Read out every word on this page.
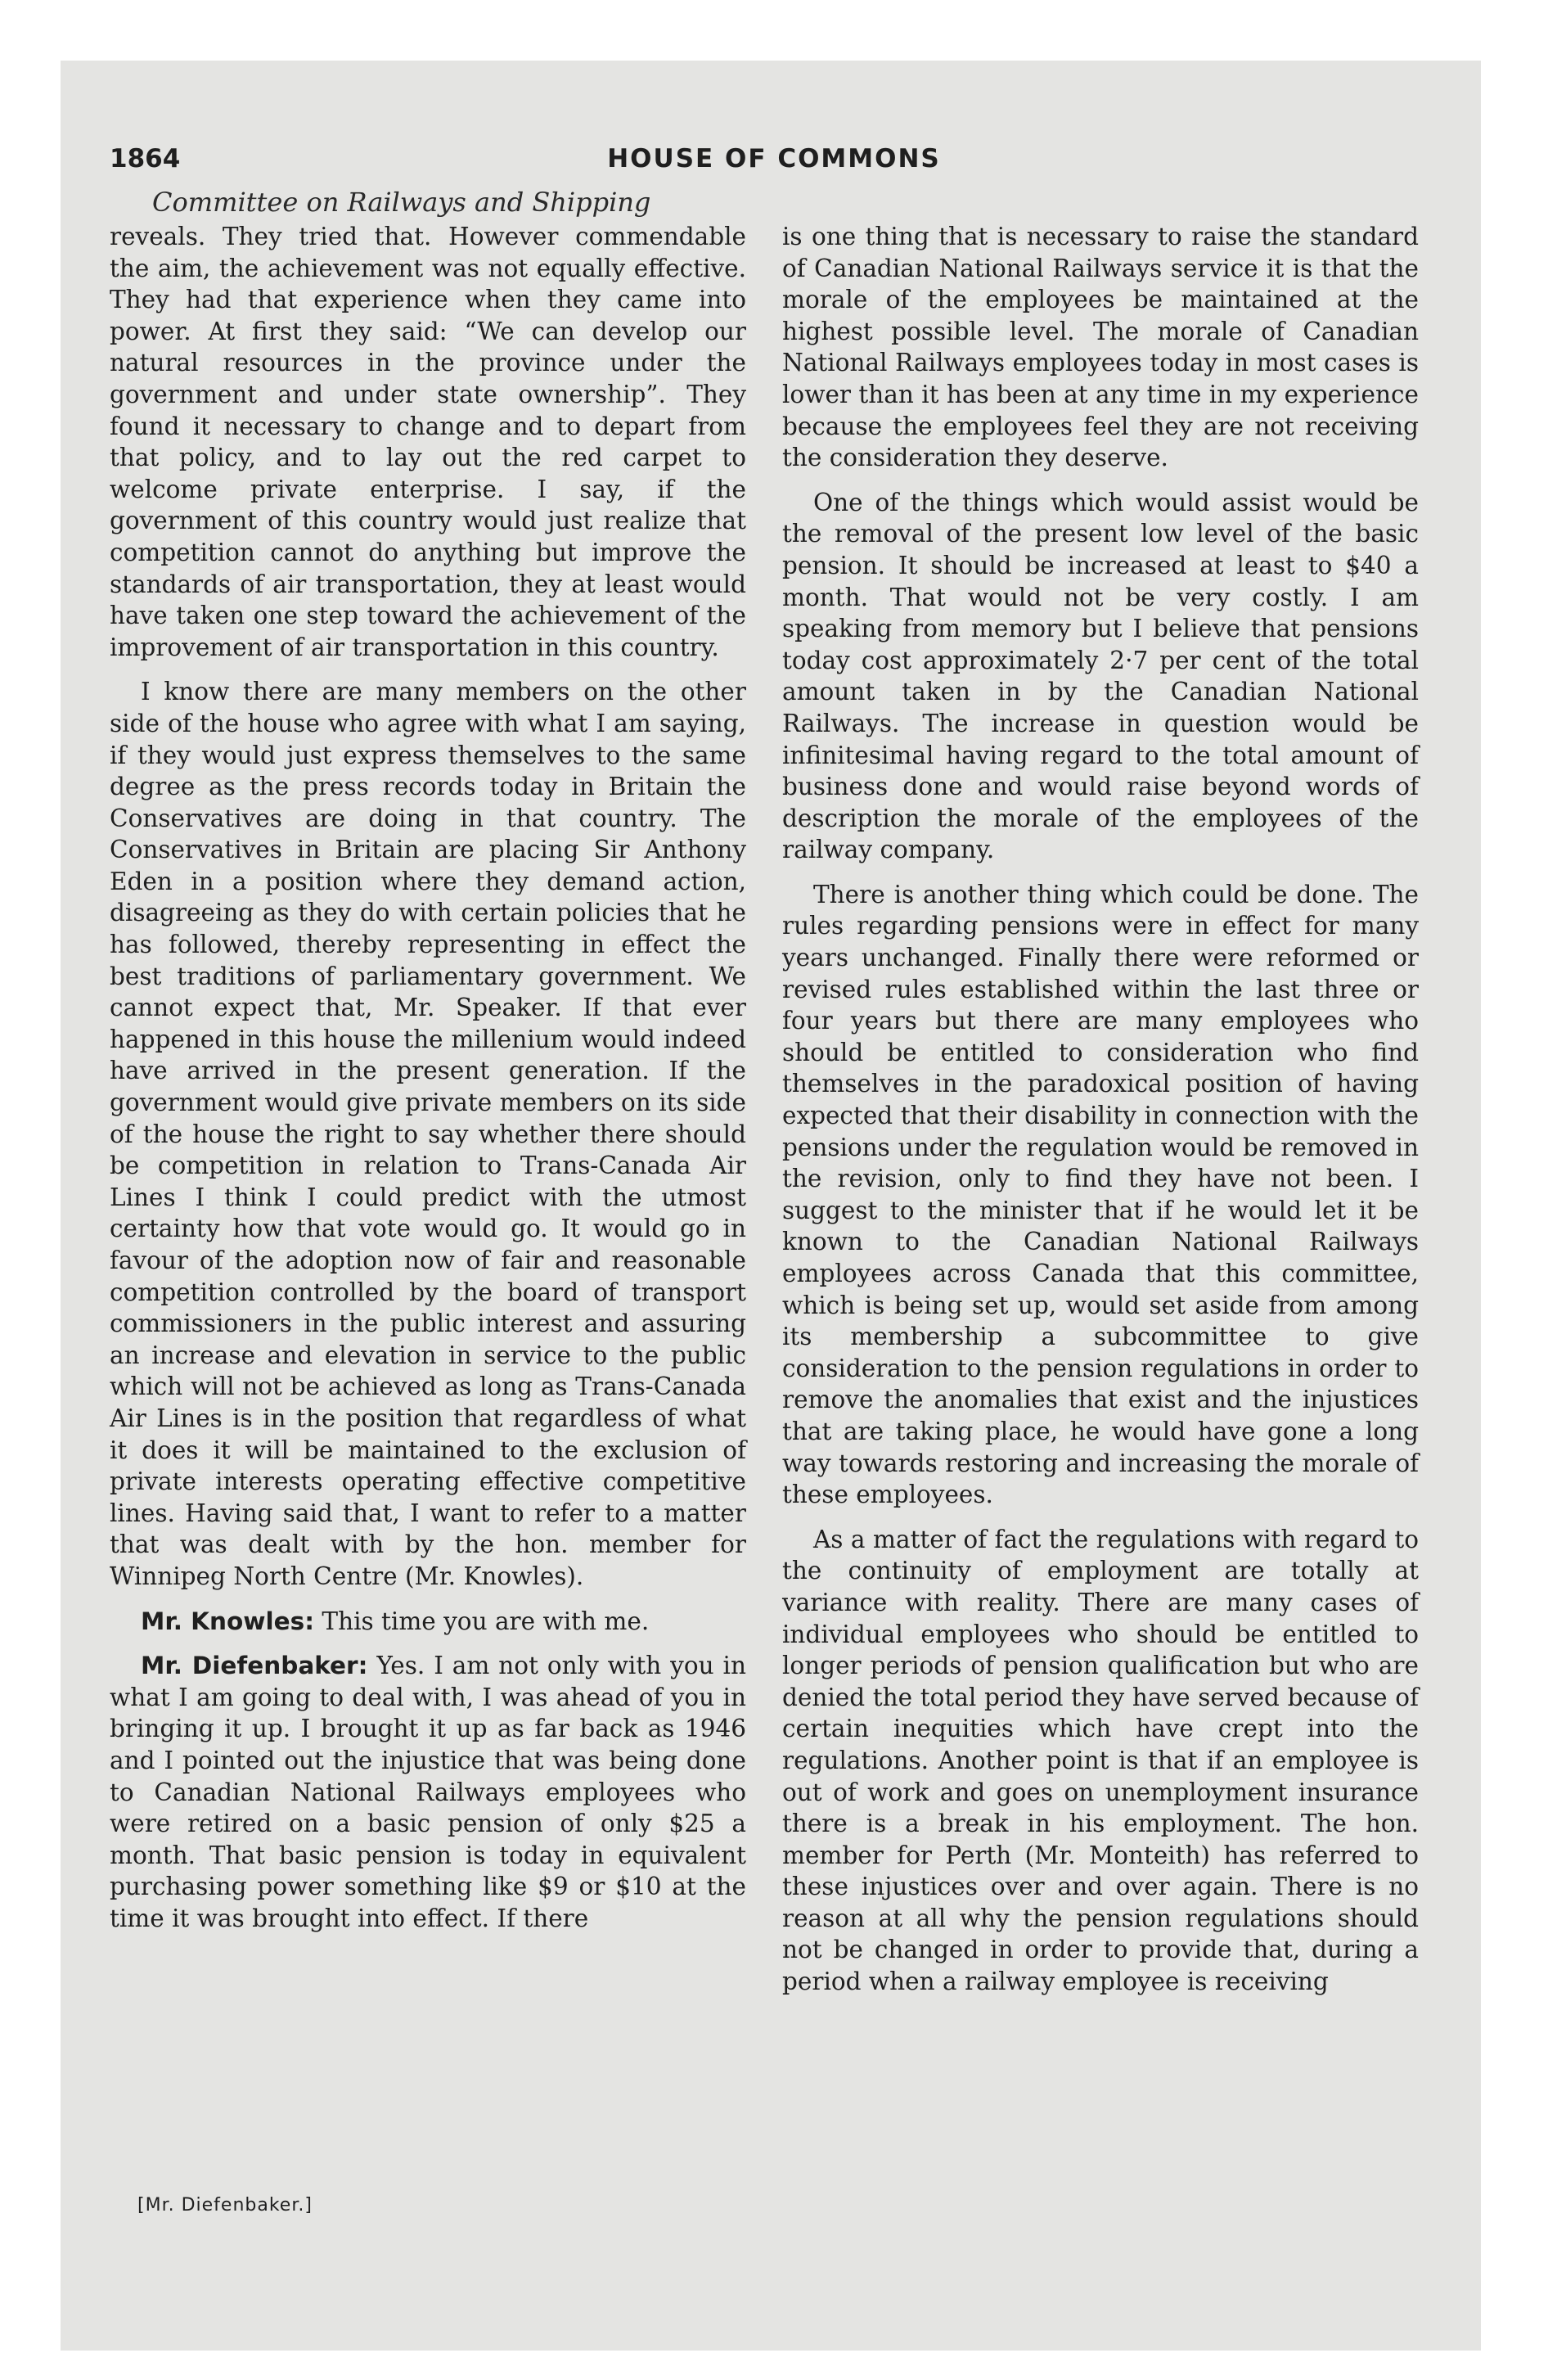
1864	HOUSE OF COMMONS
Committee on Railways and Shipping

reveals. They tried that. However commendable the aim, the achievement was not equally effective. They had that experience when they came into power. At first they said: “We can develop our natural resources in the province under the government and under state ownership”. They found it necessary to change and to depart from that policy, and to lay out the red carpet to welcome private enterprise. I say, if the government of this country would just realize that competition cannot do anything but improve the standards of air transportation, they at least would have taken one step toward the achievement of the improvement of air transportation in this country.

I know there are many members on the other side of the house who agree with what I am saying, if they would just express themselves to the same degree as the press records today in Britain the Conservatives are doing in that country. The Conservatives in Britain are placing Sir Anthony Eden in a position where they demand action, disagreeing as they do with certain policies that he has followed, thereby representing in effect the best traditions of parliamentary government. We cannot expect that, Mr. Speaker. If that ever happened in this house the millenium would indeed have arrived in the present generation. If the government would give private members on its side of the house the right to say whether there should be competition in relation to Trans-Canada Air Lines I think I could predict with the utmost certainty how that vote would go. It would go in favour of the adoption now of fair and reasonable competition controlled by the board of transport commissioners in the public interest and assuring an increase and elevation in service to the public which will not be achieved as long as Trans-Canada Air Lines is in the position that regardless of what it does it will be maintained to the exclusion of private interests operating effective competitive lines. Having said that, I want to refer to a matter that was dealt with by the hon. member for Winnipeg North Centre (Mr. Knowles).

Mr. Knowles: This time you are with me.

Mr. Diefenbaker: Yes. I am not only with you in what I am going to deal with, I was ahead of you in bringing it up. I brought it up as far back as 1946 and I pointed out the injustice that was being done to Canadian National Railways employees who were retired on a basic pension of only $25 a month. That basic pension is today in equivalent purchasing power something like $9 or $10 at the time it was brought into effect. If there

is one thing that is necessary to raise the standard of Canadian National Railways service it is that the morale of the employees be maintained at the highest possible level. The morale of Canadian National Railways employees today in most cases is lower than it has been at any time in my experience because the employees feel they are not receiving the consideration they deserve.

One of the things which would assist would be the removal of the present low level of the basic pension. It should be increased at least to $40 a month. That would not be very costly. I am speaking from memory but I believe that pensions today cost approximately 2·7 per cent of the total amount taken in by the Canadian National Railways. The increase in question would be infinitesimal having regard to the total amount of business done and would raise beyond words of description the morale of the employees of the railway company.

There is another thing which could be done. The rules regarding pensions were in effect for many years unchanged. Finally there were reformed or revised rules established within the last three or four years but there are many employees who should be entitled to consideration who find themselves in the paradoxical position of having expected that their disability in connection with the pensions under the regulation would be removed in the revision, only to find they have not been. I suggest to the minister that if he would let it be known to the Canadian National Railways employees across Canada that this committee, which is being set up, would set aside from among its membership a subcommittee to give consideration to the pension regulations in order to remove the anomalies that exist and the injustices that are taking place, he would have gone a long way towards restoring and increasing the morale of these employees.

As a matter of fact the regulations with regard to the continuity of employment are totally at variance with reality. There are many cases of individual employees who should be entitled to longer periods of pension qualification but who are denied the total period they have served because of certain inequities which have crept into the regulations. Another point is that if an employee is out of work and goes on unemployment insurance there is a break in his employment. The hon. member for Perth (Mr. Monteith) has referred to these injustices over and over again. There is no reason at all why the pension regulations should not be changed in order to provide that, during a period when a railway employee is receiving

[Mr. Diefenbaker.]
